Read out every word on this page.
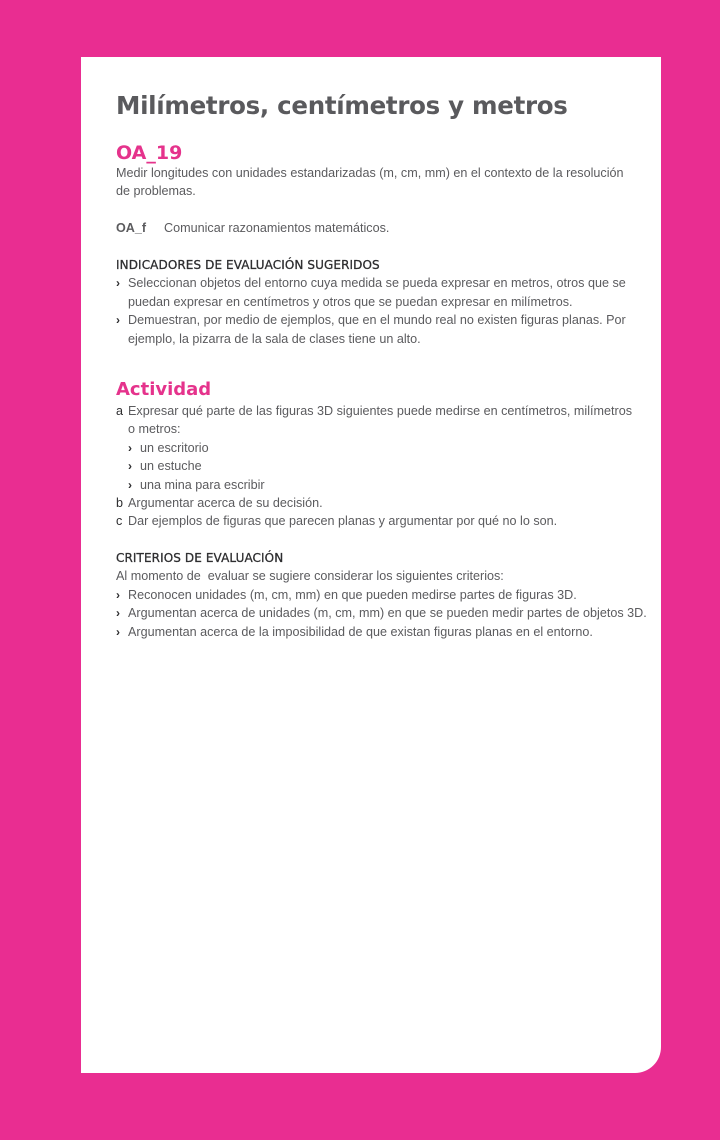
Milímetros, centímetros y metros
OA_19
Medir longitudes con unidades estandarizadas (m, cm, mm) en el contexto de la resolución de problemas.
OA_f Comunicar razonamientos matemáticos.
INDICADORES DE EVALUACIÓN SUGERIDOS
› Seleccionan objetos del entorno cuya medida se pueda expresar en metros, otros que se puedan expresar en centímetros y otros que se puedan expresar en milímetros.
› Demuestran, por medio de ejemplos, que en el mundo real no existen figuras planas. Por ejemplo, la pizarra de la sala de clases tiene un alto.
Actividad
a Expresar qué parte de las figuras 3D siguientes puede medirse en centímetros, milímetros o metros:
› un escritorio
› un estuche
› una mina para escribir
b Argumentar acerca de su decisión.
c Dar ejemplos de figuras que parecen planas y argumentar por qué no lo son.
CRITERIOS DE EVALUACIÓN
Al momento de  evaluar se sugiere considerar los siguientes criterios:
› Reconocen unidades (m, cm, mm) en que pueden medirse partes de figuras 3D.
› Argumentan acerca de unidades (m, cm, mm) en que se pueden medir partes de objetos 3D.
› Argumentan acerca de la imposibilidad de que existan figuras planas en el entorno.
